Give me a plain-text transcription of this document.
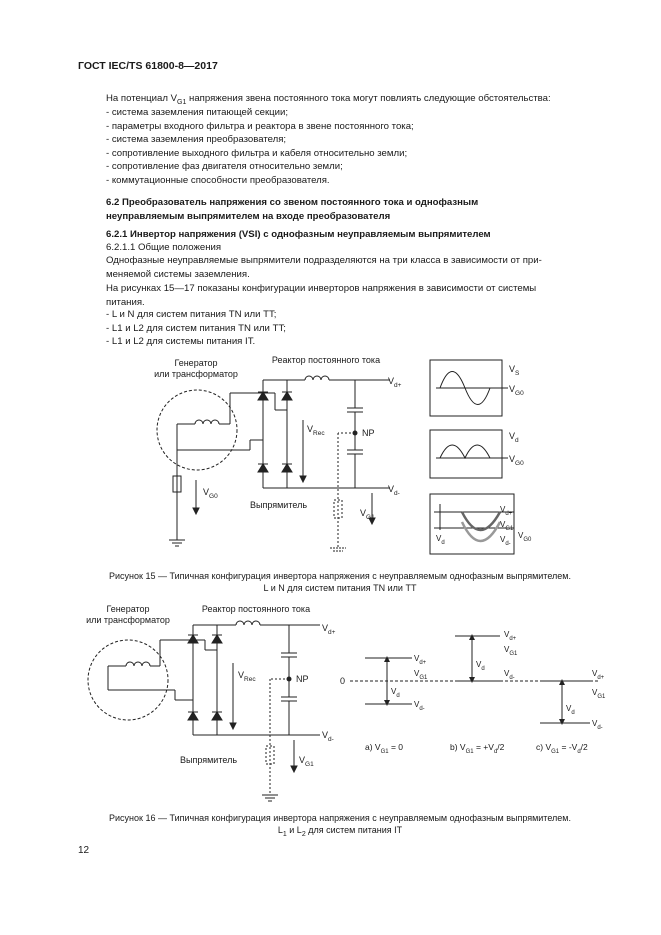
ГОСТ IEC/TS 61800-8—2017
На потенциал $V_{G1}$ напряжения звена постоянного тока могут повлиять следующие обстоятельства:
- система заземления питающей секции;
- параметры входного фильтра и реактора в звене постоянного тока;
- система заземления преобразователя;
- сопротивление выходного фильтра и кабеля относительно земли;
- сопротивление фаз двигателя относительно земли;
- коммутационные способности преобразователя.
6.2 Преобразователь напряжения со звеном постоянного тока и однофазным
неуправляемым выпрямителем на входе преобразователя
6.2.1 Инвертор напряжения (VSI) с однофазным неуправляемым выпрямителем
6.2.1.1 Общие положения
Однофазные неуправляемые выпрямители подразделяются на три класса в зависимости от при-
меняемой системы заземления.
На рисунках 15—17 показаны конфигурации инверторов напряжения в зависимости от системы
питания.
- L и N для систем питания TN или TT;
- L1 и L2 для систем питания TN или TT;
- L1 и L2 для системы питания IT.
Генератор
или трансформатор
Реактор постоянного тока
Выпрямитель
$V_{d+}$
$V_{d-}$
$V_{Rec}$	NP
$V_{G0}$
$V_{G1}$
$V_S$
$V_{G0}$
$V_d$
$V_{G0}$
$V_{d+}$
$V_{G1}$
$V_{d-}$
$V_d$
$V_{G0}$
Рисунок 15 — Типичная конфигурация инвертора напряжения с неуправляемым однофазным выпрямителем.
L и N для систем питания TN или TT
Генератор
или трансформатор
Реактор постоянного тока
Выпрямитель
$V_{d+}$
$V_{d-}$
$V_{Rec}$	NP
$V_{G1}$
0
$V_{d+}$
$V_{G1}$
$V_d$
$V_{d-}$
$V_{d+}$
$V_{G1}$
$V_d$ $V_{d-}$	$V_{d+}$
$V_{G1}$
$V_d$
$V_{d-}$
a) $V_{G1} = 0$	b) $V_{G1} = +V_d/2$	c) $V_{G1} = -V_d/2$
Рисунок 16 — Типичная конфигурация инвертора напряжения с неуправляемым однофазным выпрямителем.
$L_1$ и $L_2$ для систем питания IT
12
